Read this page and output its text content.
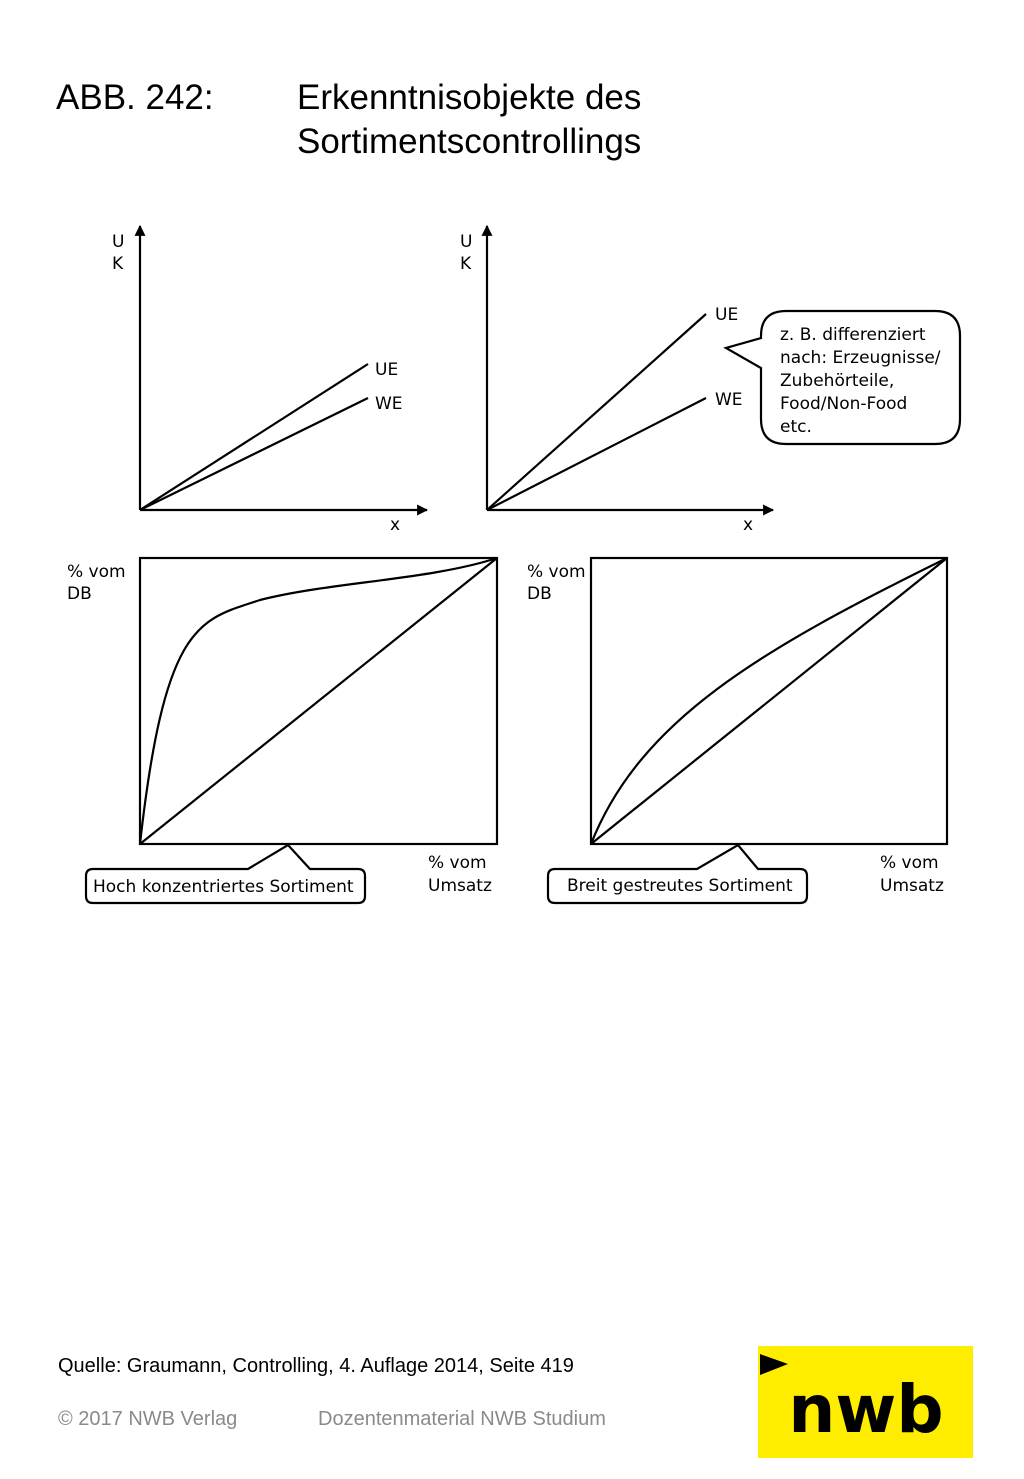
ABB. 242: Erkenntnisobjekte des
Sortimentscontrollings
U
K
x
UE
WE
U
K
x
UE
WE
z. B. differenziert
nach: Erzeugnisse/
Zubehörteile,
Food/Non-Food
etc.
% vom
DB
% vom
Umsatz
Hoch konzentriertes Sortiment
% vom
DB
% vom
Umsatz
Breit gestreutes Sortiment
Quelle: Graumann, Controlling, 4. Auflage 2014, Seite 419
© 2017 NWB Verlag	Dozentenmaterial NWB Studium	nwb
